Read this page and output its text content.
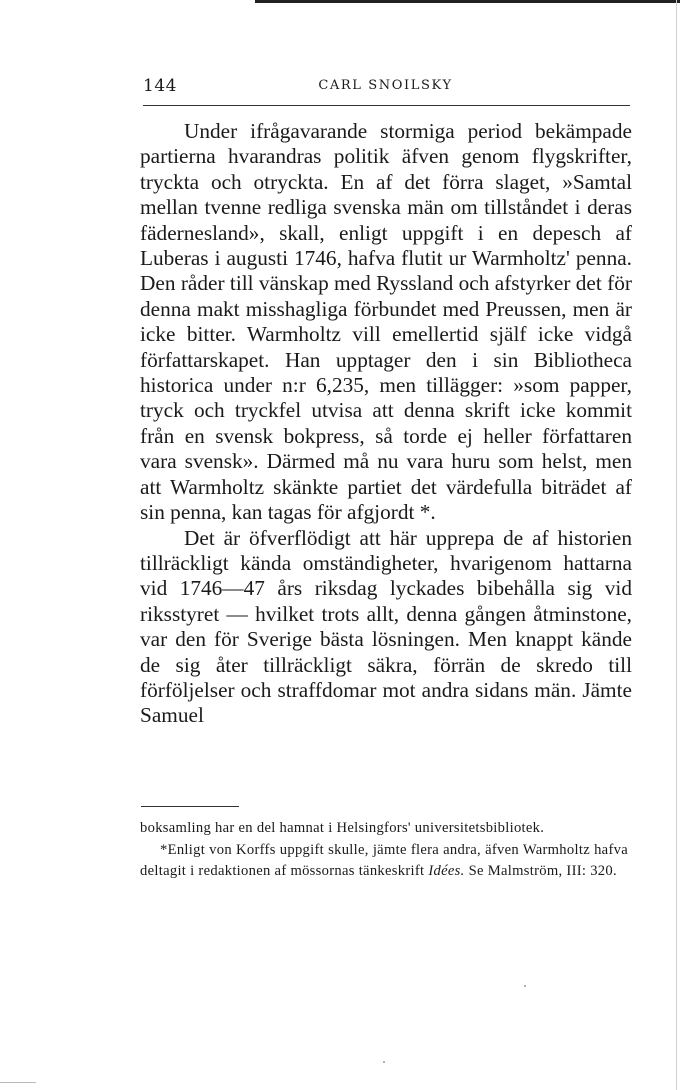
144	CARL SNOILSKY

Under ifrågavarande stormiga period bekämpade partierna hvarandras politik äfven genom flygskrifter, tryckta och otryckta. En af det förra slaget, »Samtal mellan tvenne redliga svenska män om tillståndet i deras fädernesland», skall, enligt uppgift i en depesch af Luberas i augusti 1746, hafva flutit ur Warmholtz' penna. Den råder till vänskap med Ryssland och afstyrker det för denna makt misshagliga förbundet med Preussen, men är icke bitter. Warmholtz vill emellertid själf icke vidgå författarskapet. Han upptager den i sin Bibliotheca historica under n:r 6,235, men tillägger: »som papper, tryck och tryckfel utvisa att denna skrift icke kommit från en svensk bokpress, så torde ej heller författaren vara svensk». Därmed må nu vara huru som helst, men att Warmholtz skänkte partiet det värdefulla biträdet af sin penna, kan tagas för afgjordt *.

Det är öfverflödigt att här upprepa de af historien tillräckligt kända omständigheter, hvarigenom hattarna vid 1746—47 års riksdag lyckades bibehålla sig vid riksstyret — hvilket trots allt, denna gången åtminstone, var den för Sverige bästa lösningen. Men knappt kände de sig åter tillräckligt säkra, förrän de skredo till förföljelser och straffdomar mot andra sidans män. Jämte Samuel

boksamling har en del hamnat i Helsingfors' universitetsbibliotek.

*Enligt von Korffs uppgift skulle, jämte flera andra, äfven Warmholtz hafva deltagit i redaktionen af mössornas tänkeskrift Idées. Se Malmström, III: 320.
